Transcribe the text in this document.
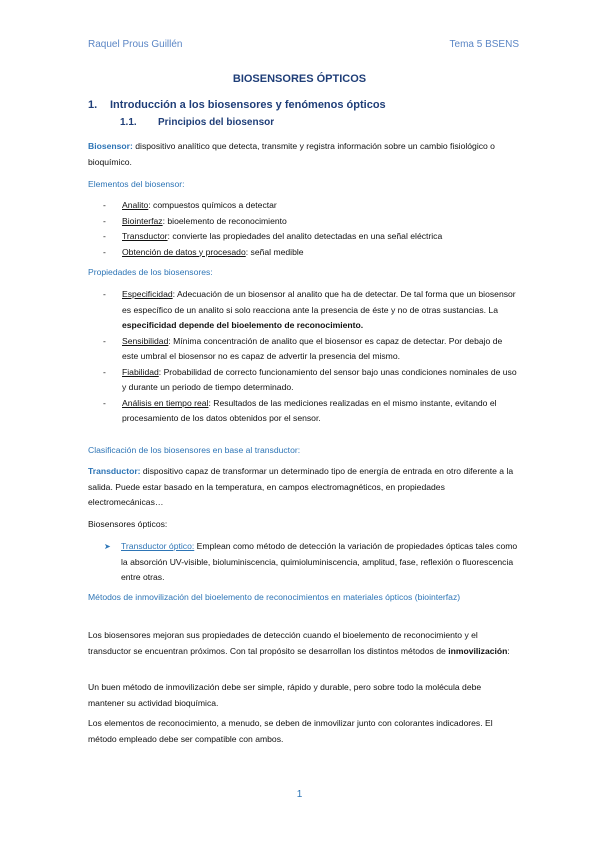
Raquel Prous Guillén	Tema 5 BSENS
BIOSENSORES ÓPTICOS
1. Introducción a los biosensores y fenómenos ópticos
1.1. Principios del biosensor
Biosensor: dispositivo analítico que detecta, transmite y registra información sobre un cambio fisiológico o bioquímico.
Elementos del biosensor:
- Analito: compuestos químicos a detectar
- Biointerfaz: bioelemento de reconocimiento
- Transductor: convierte las propiedades del analito detectadas en una señal eléctrica
- Obtención de datos y procesado: señal medible
Propiedades de los biosensores:
- Especificidad: Adecuación de un biosensor al analito que ha de detectar. De tal forma que un biosensor es específico de un analito si solo reacciona ante la presencia de éste y no de otras sustancias. La especificidad depende del bioelemento de reconocimiento.
- Sensibilidad: Mínima concentración de analito que el biosensor es capaz de detectar. Por debajo de este umbral el biosensor no es capaz de advertir la presencia del mismo.
- Fiabilidad: Probabilidad de correcto funcionamiento del sensor bajo unas condiciones nominales de uso y durante un periodo de tiempo determinado.
- Análisis en tiempo real: Resultados de las mediciones realizadas en el mismo instante, evitando el procesamiento de los datos obtenidos por el sensor.
Clasificación de los biosensores en base al transductor:
Transductor: dispositivo capaz de transformar un determinado tipo de energía de entrada en otro diferente a la salida. Puede estar basado en la temperatura, en campos electromagnéticos, en propiedades electromecánicas…
Biosensores ópticos:
➤	Transductor óptico: Emplean como método de detección la variación de propiedades ópticas tales como la absorción UV-visible, bioluminiscencia, quimioluminiscencia, amplitud, fase, reflexión o fluorescencia entre otras.
Métodos de inmovilización del bioelemento de reconocimientos en materiales ópticos (biointerfaz)
Los biosensores mejoran sus propiedades de detección cuando el bioelemento de reconocimiento y el transductor se encuentran próximos. Con tal propósito se desarrollan los distintos métodos de inmovilización:
Un buen método de inmovilización debe ser simple, rápido y durable, pero sobre todo la molécula debe mantener su actividad bioquímica.
Los elementos de reconocimiento, a menudo, se deben de inmovilizar junto con colorantes indicadores. El método empleado debe ser compatible con ambos.
1
